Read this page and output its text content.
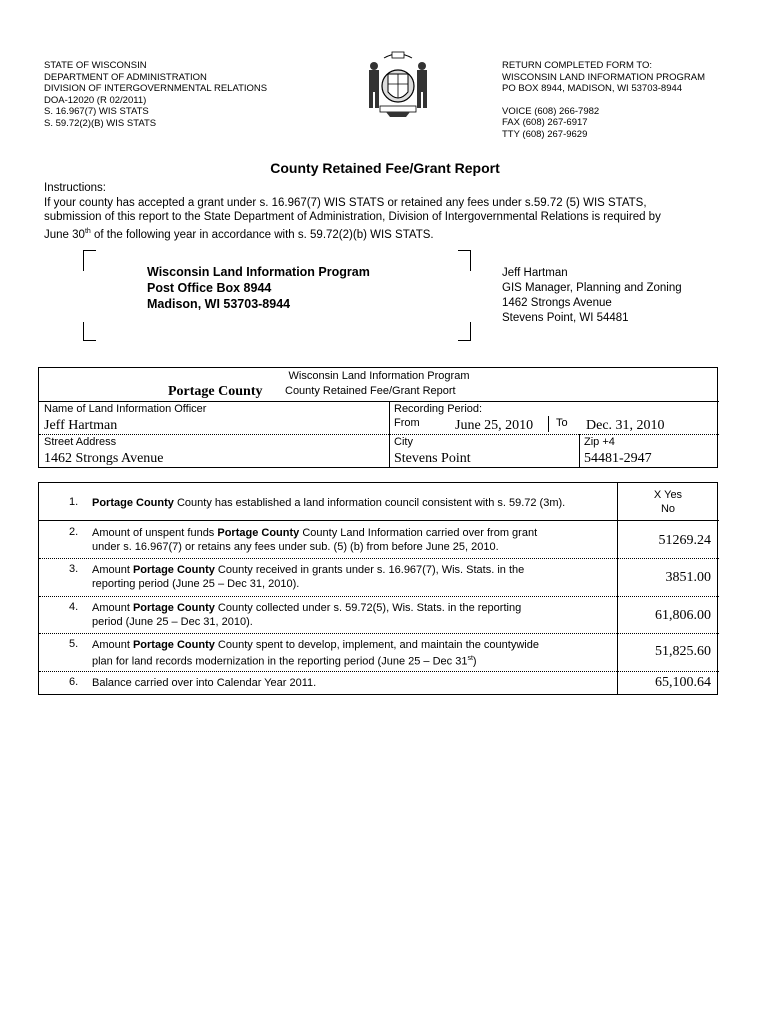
STATE OF WISCONSIN
DEPARTMENT OF ADMINISTRATION
DIVISION OF INTERGOVERNMENTAL RELATIONS
DOA-12020 (R 02/2011)
S. 16.967(7) WIS STATS
S. 59.72(2)(B) WIS STATS
RETURN COMPLETED FORM TO:
WISCONSIN LAND INFORMATION PROGRAM
PO BOX 8944, MADISON, WI 53703-8944
VOICE (608) 266-7982
FAX (608) 267-6917
TTY (608) 267-9629
County Retained Fee/Grant Report
Instructions:
If your county has accepted a grant under s. 16.967(7) WIS STATS or retained any fees under s.59.72 (5) WIS STATS,
submission of this report to the State Department of Administration, Division of Intergovernmental Relations is required by
June 30th of the following year in accordance with s. 59.72(2)(b) WIS STATS.
Wisconsin Land Information Program
Post Office Box 8944
Madison, WI 53703-8944
Jeff Hartman
GIS Manager, Planning and Zoning
1462 Strongs Avenue
Stevens Point, WI 54481
Wisconsin Land Information Program
Portage County County Retained Fee/Grant Report
Name of Land Information Officer
Jeff Hartman
Recording Period:
From	June 25, 2010 To Dec. 31, 2010
Street Address
1462 Strongs Avenue
City
Stevens Point
Zip +4
54481-2947
1. Portage County County has established a land information council consistent with s. 59.72 (3m).
X Yes
No
2. Amount of unspent funds Portage County County Land Information carried over from grant
under s. 16.967(7) or retains any fees under sub. (5) (b) from before June 25, 2010.	51269.24
3. Amount Portage County County received in grants under s. 16.967(7), Wis. Stats. in the
reporting period (June 25 – Dec 31, 2010).	3851.00
4. Amount Portage County County collected under s. 59.72(5), Wis. Stats. in the reporting
period (June 25 – Dec 31, 2010).	61,806.00
5. Amount Portage County County spent to develop, implement, and maintain the countywide
plan for land records modernization in the reporting period (June 25 – Dec 31st)
51,825.60
6. Balance carried over into Calendar Year 2011.	65,100.64
